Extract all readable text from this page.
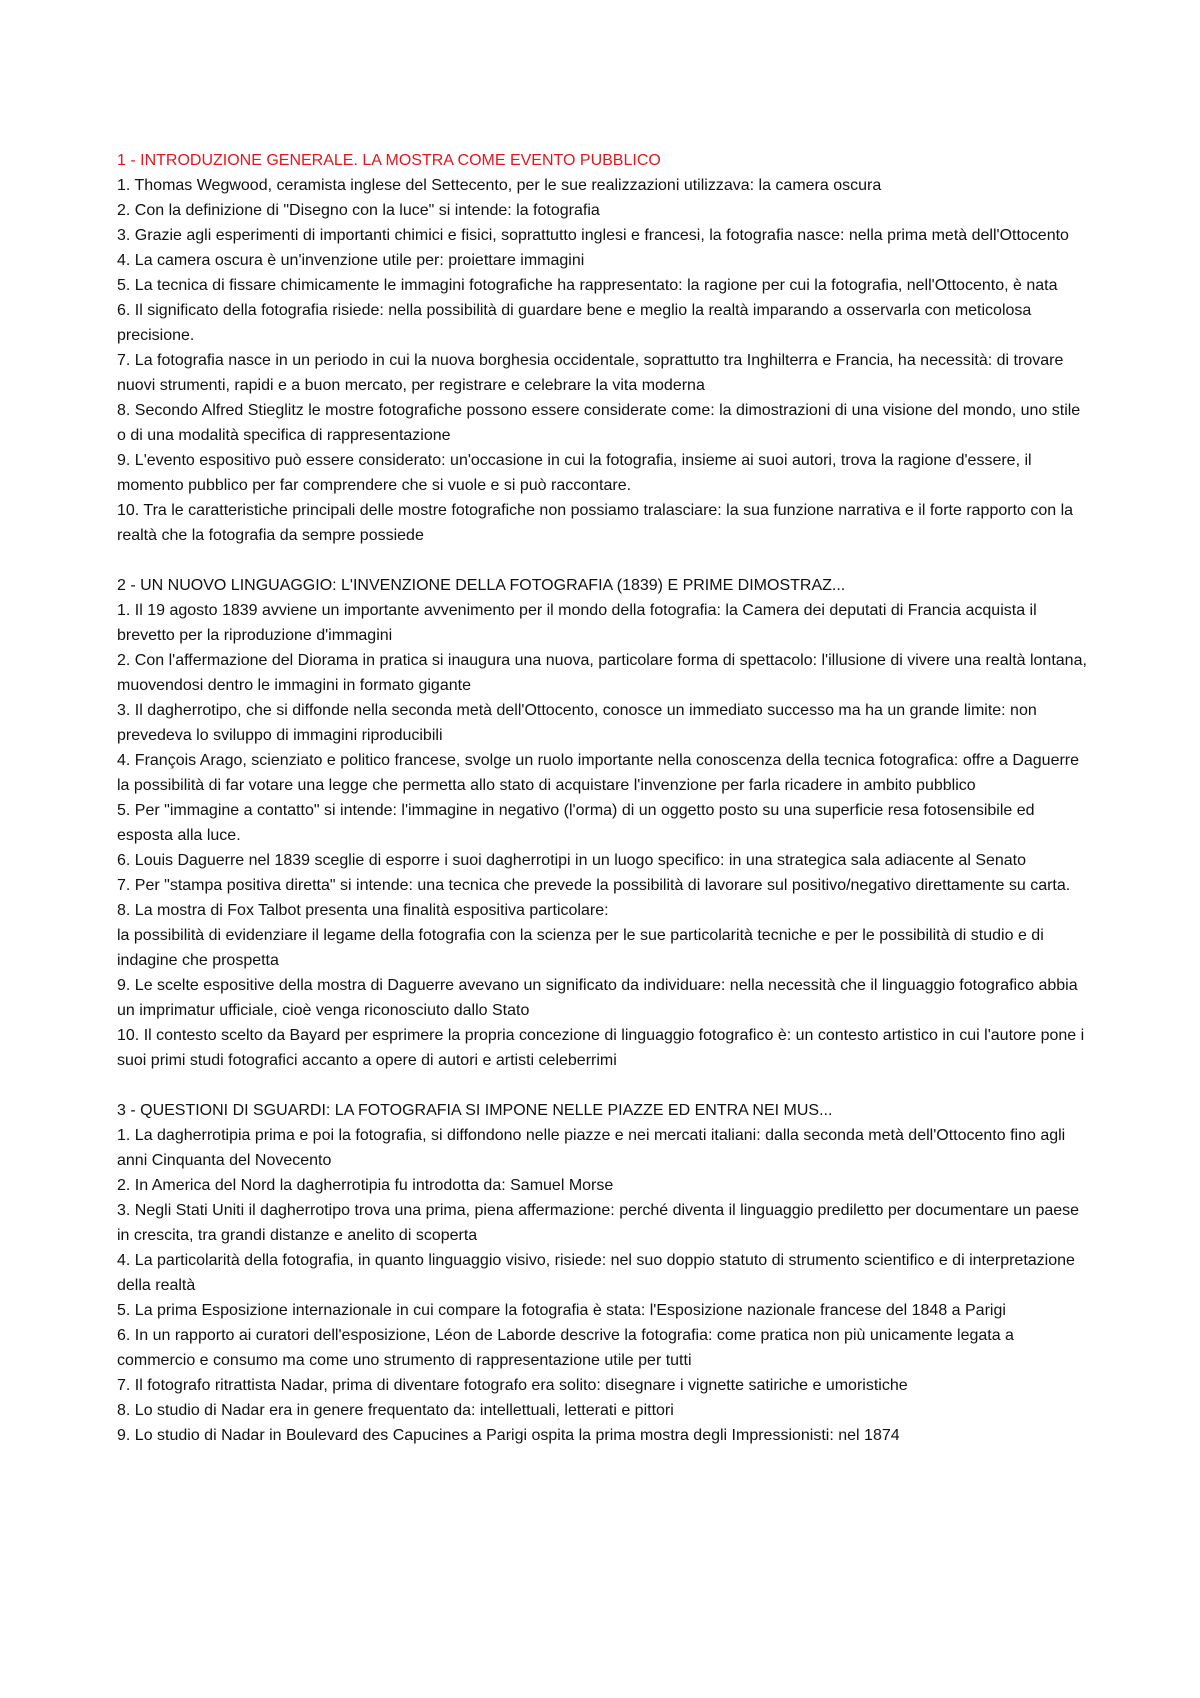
1 - INTRODUZIONE GENERALE. LA MOSTRA COME EVENTO PUBBLICO

1. Thomas Wegwood, ceramista inglese del Settecento, per le sue realizzazioni utilizzava: la camera oscura

2. Con la definizione di "Disegno con la luce" si intende: la fotografia

3. Grazie agli esperimenti di importanti chimici e fisici, soprattutto inglesi e francesi, la fotografia nasce: nella prima metà dell'Ottocento

4. La camera oscura è un'invenzione utile per: proiettare immagini

5. La tecnica di fissare chimicamente le immagini fotografiche ha rappresentato: la ragione per cui la fotografia, nell'Ottocento, è nata

6. Il significato della fotografia risiede: nella possibilità di guardare bene e meglio la realtà imparando a osservarla con meticolosa precisione.

7. La fotografia nasce in un periodo in cui la nuova borghesia occidentale, soprattutto tra Inghilterra e Francia, ha necessità: di trovare nuovi strumenti, rapidi e a buon mercato, per registrare e celebrare la vita moderna

8. Secondo Alfred Stieglitz le mostre fotografiche possono essere considerate come: la dimostrazioni di una visione del mondo, uno stile o di una modalità specifica di rappresentazione

9. L'evento espositivo può essere considerato: un'occasione in cui la fotografia, insieme ai suoi autori, trova la ragione d'essere, il momento pubblico per far comprendere che si vuole e si può raccontare.

10. Tra le caratteristiche principali delle mostre fotografiche non possiamo tralasciare: la sua funzione narrativa e il forte rapporto con la realtà che la fotografia da sempre possiede

2 - UN NUOVO LINGUAGGIO: L'INVENZIONE DELLA FOTOGRAFIA (1839) E PRIME DIMOSTRAZ...

1. Il 19 agosto 1839 avviene un importante avvenimento per il mondo della fotografia: la Camera dei deputati di Francia acquista il brevetto per la riproduzione d'immagini

2. Con l'affermazione del Diorama in pratica si inaugura una nuova, particolare forma di spettacolo: l'illusione di vivere una realtà lontana, muovendosi dentro le immagini in formato gigante

3. Il dagherrotipo, che si diffonde nella seconda metà dell'Ottocento, conosce un immediato successo ma ha un grande limite: non prevedeva lo sviluppo di immagini riproducibili

4. François Arago, scienziato e politico francese, svolge un ruolo importante nella conoscenza della tecnica fotografica: offre a Daguerre la possibilità di far votare una legge che permetta allo stato di acquistare l'invenzione per farla ricadere in ambito pubblico

5. Per "immagine a contatto" si intende: l'immagine in negativo (l'orma) di un oggetto posto su una superficie resa fotosensibile ed esposta alla luce.

6. Louis Daguerre nel 1839 sceglie di esporre i suoi dagherrotipi in un luogo specifico: in una strategica sala adiacente al Senato

7. Per "stampa positiva diretta" si intende: una tecnica che prevede la possibilità di lavorare sul positivo/negativo direttamente su carta.

8. La mostra di Fox Talbot presenta una finalità espositiva particolare:

la possibilità di evidenziare il legame della fotografia con la scienza per le sue particolarità tecniche e per le possibilità di studio e di indagine che prospetta

9. Le scelte espositive della mostra di Daguerre avevano un significato da individuare: nella necessità che il linguaggio fotografico abbia un imprimatur ufficiale, cioè venga riconosciuto dallo Stato

10. Il contesto scelto da Bayard per esprimere la propria concezione di linguaggio fotografico è: un contesto artistico in cui l'autore pone i suoi primi studi fotografici accanto a opere di autori e artisti celeberrimi

3 - QUESTIONI DI SGUARDI: LA FOTOGRAFIA SI IMPONE NELLE PIAZZE ED ENTRA NEI MUS...

1. La dagherrotipia prima e poi la fotografia, si diffondono nelle piazze e nei mercati italiani: dalla seconda metà dell'Ottocento fino agli anni Cinquanta del Novecento

2. In America del Nord la dagherrotipia fu introdotta da: Samuel Morse

3. Negli Stati Uniti il dagherrotipo trova una prima, piena affermazione: perché diventa il linguaggio prediletto per documentare un paese in crescita, tra grandi distanze e anelito di scoperta

4. La particolarità della fotografia, in quanto linguaggio visivo, risiede: nel suo doppio statuto di strumento scientifico e di interpretazione della realtà

5. La prima Esposizione internazionale in cui compare la fotografia è stata: l'Esposizione nazionale francese del 1848 a Parigi

6. In un rapporto ai curatori dell'esposizione, Léon de Laborde descrive la fotografia: come pratica non più unicamente legata a commercio e consumo ma come uno strumento di rappresentazione utile per tutti

7. Il fotografo ritrattista Nadar, prima di diventare fotografo era solito: disegnare i vignette satiriche e umoristiche

8. Lo studio di Nadar era in genere frequentato da: intellettuali, letterati e pittori

9. Lo studio di Nadar in Boulevard des Capucines a Parigi ospita la prima mostra degli Impressionisti: nel 1874
